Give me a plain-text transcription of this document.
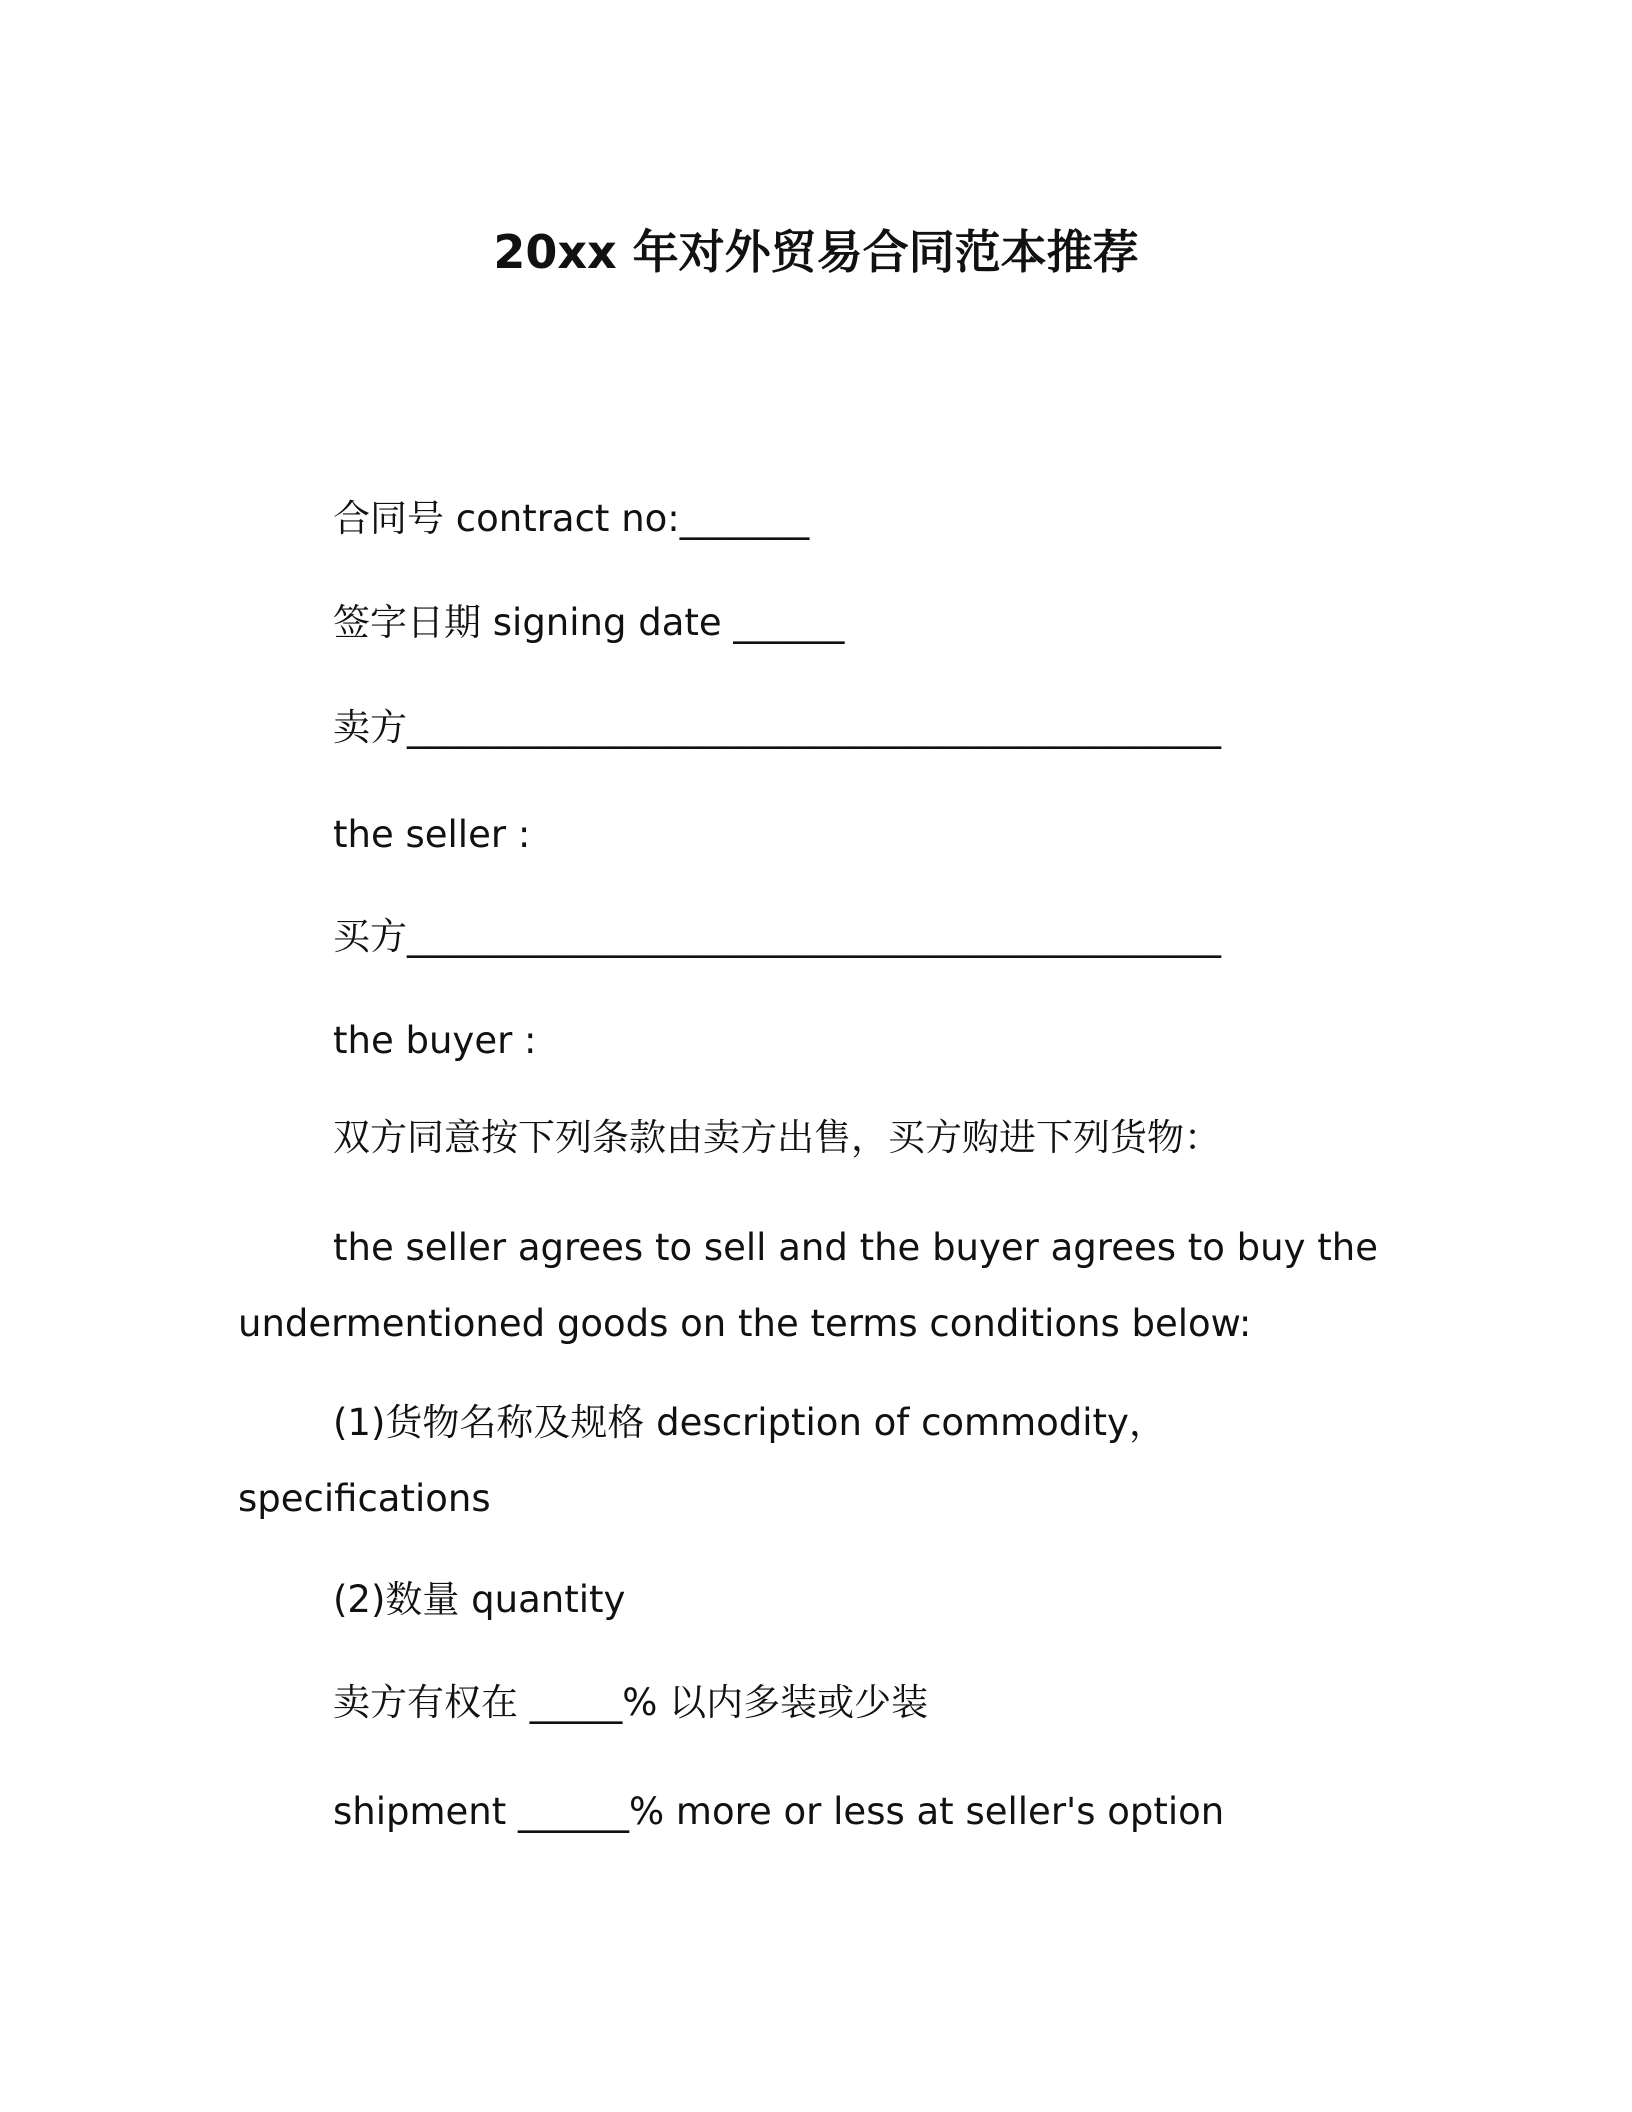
20xx 年对外贸易合同范本推荐
合同号 contract no:_______
签字日期 signing date ______
卖方____________________________________________
the seller :
买方____________________________________________
the buyer :
双方同意按下列条款由卖方出售，买方购进下列货物：

the seller agrees to sell and the buyer agrees to buy the undermentioned goods on the terms conditions below:

(1)货物名称及规格 description of commodity，specifications

(2)数量 quantity
卖方有权在 _____% 以内多装或少装
shipment ______% more or less at seller's option
